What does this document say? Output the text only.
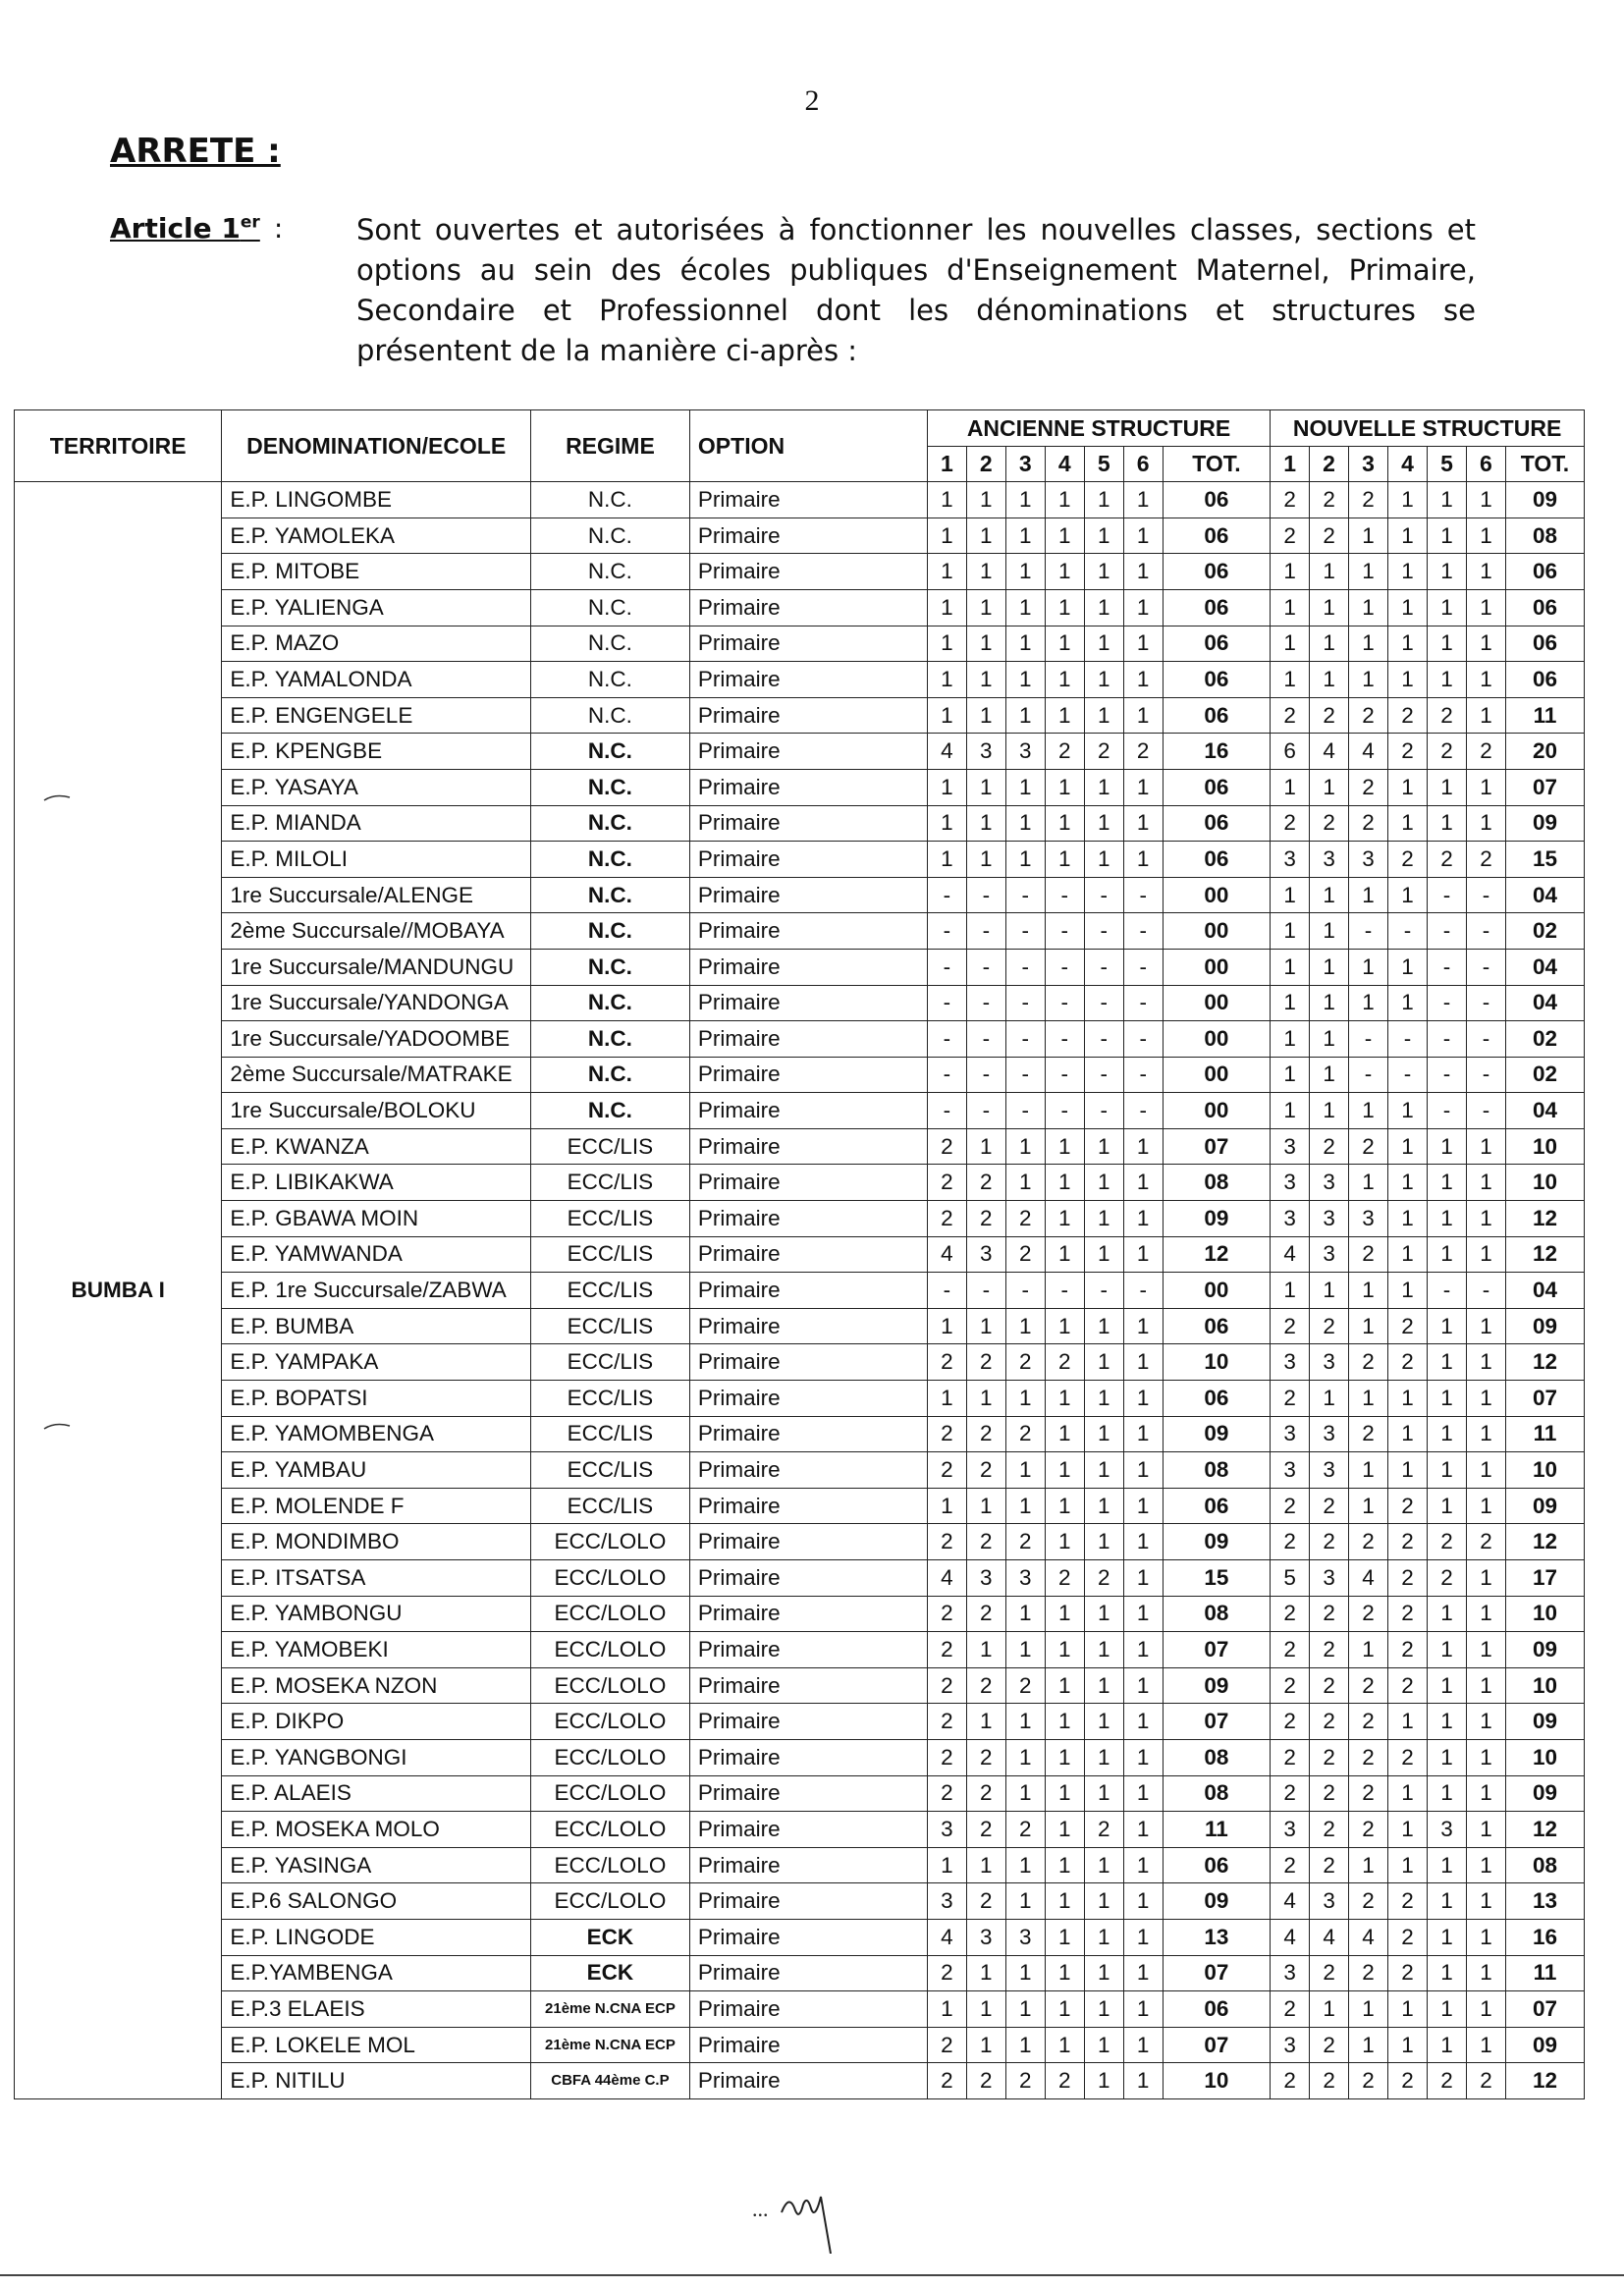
2
ARRETE :
Article 1er :	Sont ouvertes et autorisées à fonctionner les nouvelles classes, sections et options au sein des écoles publiques d'Enseignement Maternel, Primaire, Secondaire et Professionnel dont les dénominations et structures se présentent de la manière ci-après :
TERRITOIRE	DENOMINATION/ECOLE	REGIME	OPTION	ANCIENNE STRUCTURE							NOUVELLE STRUCTURE						
				1	2	3	4	5	6	TOT.	1	2	3	4	5	6	TOT.
BUMBA I	E.P. LINGOMBE	N.C.	Primaire	1	1	1	1	1	1	06	2	2	2	1	1	1	09
	E.P. YAMOLEKA	N.C.	Primaire	1	1	1	1	1	1	06	2	2	1	1	1	1	08
	E.P. MITOBE	N.C.	Primaire	1	1	1	1	1	1	06	1	1	1	1	1	1	06
	E.P. YALIENGA	N.C.	Primaire	1	1	1	1	1	1	06	1	1	1	1	1	1	06
	E.P. MAZO	N.C.	Primaire	1	1	1	1	1	1	06	1	1	1	1	1	1	06
	E.P. YAMALONDA	N.C.	Primaire	1	1	1	1	1	1	06	1	1	1	1	1	1	06
	E.P. ENGENGELE	N.C.	Primaire	1	1	1	1	1	1	06	2	2	2	2	2	1	11
	E.P. KPENGBE	N.C.	Primaire	4	3	3	2	2	2	16	6	4	4	2	2	2	20
	E.P. YASAYA	N.C.	Primaire	1	1	1	1	1	1	06	1	1	2	1	1	1	07
	E.P. MIANDA	N.C.	Primaire	1	1	1	1	1	1	06	2	2	2	1	1	1	09
	E.P. MILOLI	N.C.	Primaire	1	1	1	1	1	1	06	3	3	3	2	2	2	15
	1re Succursale/ALENGE	N.C.	Primaire	-	-	-	-	-	-	00	1	1	1	1	-	-	04
	2ème Succursale//MOBAYA	N.C.	Primaire	-	-	-	-	-	-	00	1	1	-	-	-	-	02
	1re Succursale/MANDUNGU	N.C.	Primaire	-	-	-	-	-	-	00	1	1	1	1	-	-	04
	1re Succursale/YANDONGA	N.C.	Primaire	-	-	-	-	-	-	00	1	1	1	1	-	-	04
	1re Succursale/YADOOMBE	N.C.	Primaire	-	-	-	-	-	-	00	1	1	-	-	-	-	02
	2ème Succursale/MATRAKE	N.C.	Primaire	-	-	-	-	-	-	00	1	1	-	-	-	-	02
	1re Succursale/BOLOKU	N.C.	Primaire	-	-	-	-	-	-	00	1	1	1	1	-	-	04
	E.P. KWANZA	ECC/LIS	Primaire	2	1	1	1	1	1	07	3	2	2	1	1	1	10
	E.P. LIBIKAKWA	ECC/LIS	Primaire	2	2	1	1	1	1	08	3	3	1	1	1	1	10
	E.P. GBAWA MOIN	ECC/LIS	Primaire	2	2	2	1	1	1	09	3	3	3	1	1	1	12
	E.P. YAMWANDA	ECC/LIS	Primaire	4	3	2	1	1	1	12	4	3	2	1	1	1	12
	E.P. 1re Succursale/ZABWA	ECC/LIS	Primaire	-	-	-	-	-	-	00	1	1	1	1	-	-	04
	E.P. BUMBA	ECC/LIS	Primaire	1	1	1	1	1	1	06	2	2	1	2	1	1	09
	E.P. YAMPAKA	ECC/LIS	Primaire	2	2	2	2	1	1	10	3	3	2	2	1	1	12
	E.P. BOPATSI	ECC/LIS	Primaire	1	1	1	1	1	1	06	2	1	1	1	1	1	07
	E.P. YAMOMBENGA	ECC/LIS	Primaire	2	2	2	1	1	1	09	3	3	2	1	1	1	11
	E.P. YAMBAU	ECC/LIS	Primaire	2	2	1	1	1	1	08	3	3	1	1	1	1	10
	E.P. MOLENDE F	ECC/LIS	Primaire	1	1	1	1	1	1	06	2	2	1	2	1	1	09
	E.P. MONDIMBO	ECC/LOLO	Primaire	2	2	2	1	1	1	09	2	2	2	2	2	2	12
	E.P. ITSATSA	ECC/LOLO	Primaire	4	3	3	2	2	1	15	5	3	4	2	2	1	17
	E.P. YAMBONGU	ECC/LOLO	Primaire	2	2	1	1	1	1	08	2	2	2	2	1	1	10
	E.P. YAMOBEKI	ECC/LOLO	Primaire	2	1	1	1	1	1	07	2	2	1	2	1	1	09
	E.P. MOSEKA NZON	ECC/LOLO	Primaire	2	2	2	1	1	1	09	2	2	2	2	1	1	10
	E.P. DIKPO	ECC/LOLO	Primaire	2	1	1	1	1	1	07	2	2	2	1	1	1	09
	E.P. YANGBONGI	ECC/LOLO	Primaire	2	2	1	1	1	1	08	2	2	2	2	1	1	10
	E.P. ALAEIS	ECC/LOLO	Primaire	2	2	1	1	1	1	08	2	2	2	1	1	1	09
	E.P. MOSEKA MOLO	ECC/LOLO	Primaire	3	2	2	1	2	1	11	3	2	2	1	3	1	12
	E.P. YASINGA	ECC/LOLO	Primaire	1	1	1	1	1	1	06	2	2	1	1	1	1	08
	E.P.6 SALONGO	ECC/LOLO	Primaire	3	2	1	1	1	1	09	4	3	2	2	1	1	13
	E.P. LINGODE	ECK	Primaire	4	3	3	1	1	1	13	4	4	4	2	1	1	16
	E.P.YAMBENGA	ECK	Primaire	2	1	1	1	1	1	07	3	2	2	2	1	1	11
	E.P.3 ELAEIS	21ème N.CNA ECP	Primaire	1	1	1	1	1	1	06	2	1	1	1	1	1	07
	E.P. LOKELE MOL	21ème N.CNA ECP	Primaire	2	1	1	1	1	1	07	3	2	1	1	1	1	09
	E.P. NITILU	CBFA 44ème C.P	Primaire	2	2	2	2	1	1	10	2	2	2	2	2	2	12
...
